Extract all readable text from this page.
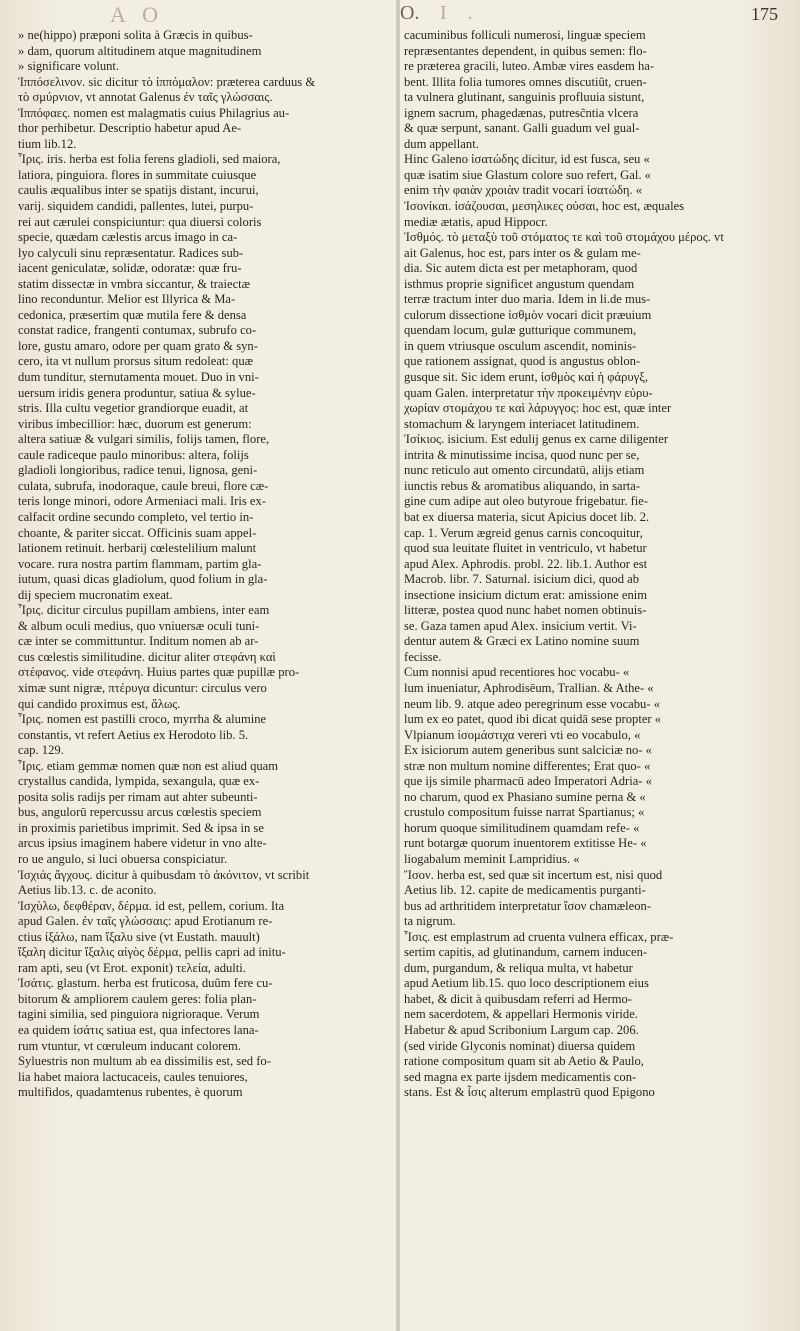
A O	O. I .	175

» ne(hippo) præponi solita à Græcis in quibus-

» dam, quorum altitudinem atque magnitudinem

» significare volunt.

Ἱππόσελινον. sic dicitur τὸ ἱππόμαλον: præterea carduus &

τὸ σμύρνιον, vt annotat Galenus ἐν ταῖς γλώσσαις.

Ἱππόφαες. nomen est malagmatis cuius Philagrius au-

thor perhibetur. Descriptio habetur apud Ae-

tium lib.12.

Ἶρις. iris. herba est folia ferens gladioli, sed maiora,

latiora, pinguiora. flores in summitate cuiusque

caulis æqualibus inter se spatijs distant, incurui,

varij. siquidem candidi, pallentes, lutei, purpu-

rei aut cærulei conspiciuntur: qua diuersi coloris

specie, quædam cælestis arcus imago in ca-

lyo calyculi sinu repræsentatur. Radices sub-

iacent geniculatæ, solidæ, odoratæ: quæ fru-

statim dissectæ in vmbra siccantur, & traiectæ

lino reconduntur. Melior est Illyrica & Ma-

cedonica, præsertim quæ mutila fere & densa

constat radice, frangenti contumax, subrufo co-

lore, gustu amaro, odore per quam grato & syn-

cero, ita vt nullum prorsus situm redoleat: quæ

dum tunditur, sternutamenta mouet. Duo in vni-

uersum iridis genera produntur, satiua & sylue-

stris. Illa cultu vegetior grandiorque euadit, at

viribus imbecillior: hæc, duorum est generum:

altera satiuæ & vulgari similis, folijs tamen, flore,

caule radiceque paulo minoribus: altera, folijs

gladioli longioribus, radice tenui, lignosa, geni-

culata, subrufa, inodoraque, caule breui, flore cæ-

teris longe minori, odore Armeniaci mali. Iris ex-

calfacit ordine secundo completo, vel tertio in-

choante, & pariter siccat. Officinis suam appel-

lationem retinuit. herbarij cœlestelilium malunt

vocare. rura nostra partim flammam, partim gla-

iutum, quasi dicas gladiolum, quod folium in gla-

dij speciem mucronatim exeat.

Ἶρις. dicitur circulus pupillam ambiens, inter eam

& album oculi medius, quo vniuersæ oculi tuni-

cæ inter se committuntur. Inditum nomen ab ar-

cus cœlestis similitudine. dicitur aliter στεφάνη καὶ

στέφανος. vide στεφάνη. Huius partes quæ pupillæ pro-

ximæ sunt nigræ, πτέρυγα dicuntur: circulus vero

qui candido proximus est, ἅλως.

Ἶρις. nomen est pastilli croco, myrrha & alumine

constantis, vt refert Aetius ex Herodoto lib. 5.

cap. 129.

Ἶρις. etiam gemmæ nomen quæ non est aliud quam

crystallus candida, lympida, sexangula, quæ ex-

posita solis radijs per rimam aut ahter subeunti-

bus, angulorū repercussu arcus cœlestis speciem

in proximis parietibus imprimit. Sed & ipsa in se

arcus ipsius imaginem habere videtur in vno alte-

ro ue angulo, si luci obuersa conspiciatur.

Ἰσχιάς ἄγχους. dicitur à quibusdam τὸ ἀκόνιτον, vt scribit

Aetius lib.13. c. de aconito.

Ἰσχὺλω, δεφθέραν, δέρμα. id est, pellem, corium. Ita

apud Galen. ἐν ταῖς γλώσσαις: apud Erotianum re-

ctius ἰξάλω, nam ἴξαλυ sive (vt Eustath. mauult)

ἴξαλη dicitur ἴξαλις αἰγὸς δέρμα, pellis capri ad initu-

ram apti, seu (vt Erot. exponit) τελεία, adulti.

Ἰσάτις. glastum. herba est fruticosa, duûm fere cu-

bitorum & ampliorem caulem geres: folia plan-

tagini similia, sed pinguiora nigrioraque. Verum

ea quidem ἰσάτις satiua est, qua infectores lana-

rum vtuntur, vt cœruleum inducant colorem.

Syluestris non multum ab ea dissimilis est, sed fo-

lia habet maiora lactucaceis, caules tenuiores,

multifidos, quadamtenus rubentes, è quorum

cacuminibus folliculi numerosi, linguæ speciem

repræsentantes dependent, in quibus semen: flo-

re præterea gracili, luteo. Ambæ vires easdem ha-

bent. Illita folia tumores omnes discutiût, cruen-

ta vulnera glutinant, sanguinis profluuia sistunt,

ignem sacrum, phagedænas, putresc̃ntia vlcera

& quæ serpunt, sanant. Galli guadum vel gual-

dum appellant.

Hinc Galeno ἰσατώδης dicitur, id est fusca, seu «

quæ isatim siue Glastum colore suo refert, Gal. «

enim τὴν φαιὰν χροιὰν tradit vocari ἰσατώδη. «

Ἰσονίκαι. ἰσάζουσαι, μεσηλικες οὐσαι, hoc est, æquales

mediæ ætatis, apud Hippocr.

Ἰσθμός. τὸ μεταξὺ τοῦ στόματος τε καὶ τοῦ στομάχου μέρος. vt

ait Galenus, hoc est, pars inter os & gulam me-

dia. Sic autem dicta est per metaphoram, quod

isthmus proprie significet angustum quendam

terræ tractum inter duo maria. Idem in li.de mus-

culorum dissectione ἰσθμὸν vocari dicit præuium

quendam locum, gulæ gutturique communem,

in quem vtriusque osculum ascendit, nominis-

que rationem assignat, quod is angustus oblon-

gusque sit. Sic idem erunt, ἰσθμὸς καὶ ἡ φάρυγξ,

quam Galen. interpretatur τὴν προκειμένην εὐρυ-

χωρίαν στομάχου τε καὶ λάρυγγος: hoc est, quæ inter

stomachum & laryngem interiacet latitudinem.

Ἰσίκιος. isicium. Est edulij genus ex carne diligenter

intrita & minutissime incisa, quod nunc per se,

nunc reticulo aut omento circundatū, alijs etiam

iunctis rebus & aromatibus aliquando, in sarta-

gine cum adipe aut oleo butyroue frigebatur. fie-

bat ex diuersa materia, sicut Apicius docet lib. 2.

cap. 1. Verum ægreid genus carnis concoquitur,

quod sua leuitate fluitet in ventriculo, vt habetur

apud Alex. Aphrodis. probl. 22. lib.1. Author est

Macrob. libr. 7. Saturnal. isicium dici, quod ab

insectione insicium dictum erat: amissione enim

litteræ, postea quod nunc habet nomen obtinuis-

se. Gaza tamen apud Alex. insicium vertit. Vi-

dentur autem & Græci ex Latino nomine suum

fecisse.

Cum nonnisi apud recentiores hoc vocabu- «

lum inueniatur, Aphrodisēum, Trallian. & Athe- «

neum lib. 9. atque adeo peregrinum esse vocabu- «

lum ex eo patet, quod ibi dicat quidā sese propter «

Vlpianum ἰσομάστιχα vereri vti eo vocabulo, «

Ex isiciorum autem generibus sunt salciciæ no- «

stræ non multum nomine differentes; Erat quo- «

que ijs simile pharmacū adeo Imperatori Adria- «

no charum, quod ex Phasiano sumine perna & «

crustulo compositum fuisse narrat Spartianus; «

horum quoque similitudinem quamdam refe- «

runt botargæ quorum inuentorem extitisse He- «

liogabalum meminit Lampridius. «

Ἴσον. herba est, sed quæ sit incertum est, nisi quod

Aetius lib. 12. capite de medicamentis purganti-

bus ad arthritidem interpretatur ἴσον chamæleon-

ta nigrum.

Ἶσις. est emplastrum ad cruenta vulnera efficax, præ-

sertim capitis, ad glutinandum, carnem inducen-

dum, purgandum, & reliqua multa, vt habetur

apud Aetium lib.15. quo loco descriptionem eius

habet, & dicit à quibusdam referri ad Hermo-

nem sacerdotem, & appellari Hermonis viride.

Habetur & apud Scribonium Largum cap. 206.

(sed viride Glyconis nominat) diuersa quidem

ratione compositum quam sit ab Aetio & Paulo,

sed magna ex parte ijsdem medicamentis con-

stans. Est & ἶσις alterum emplastrū quod Epigono
